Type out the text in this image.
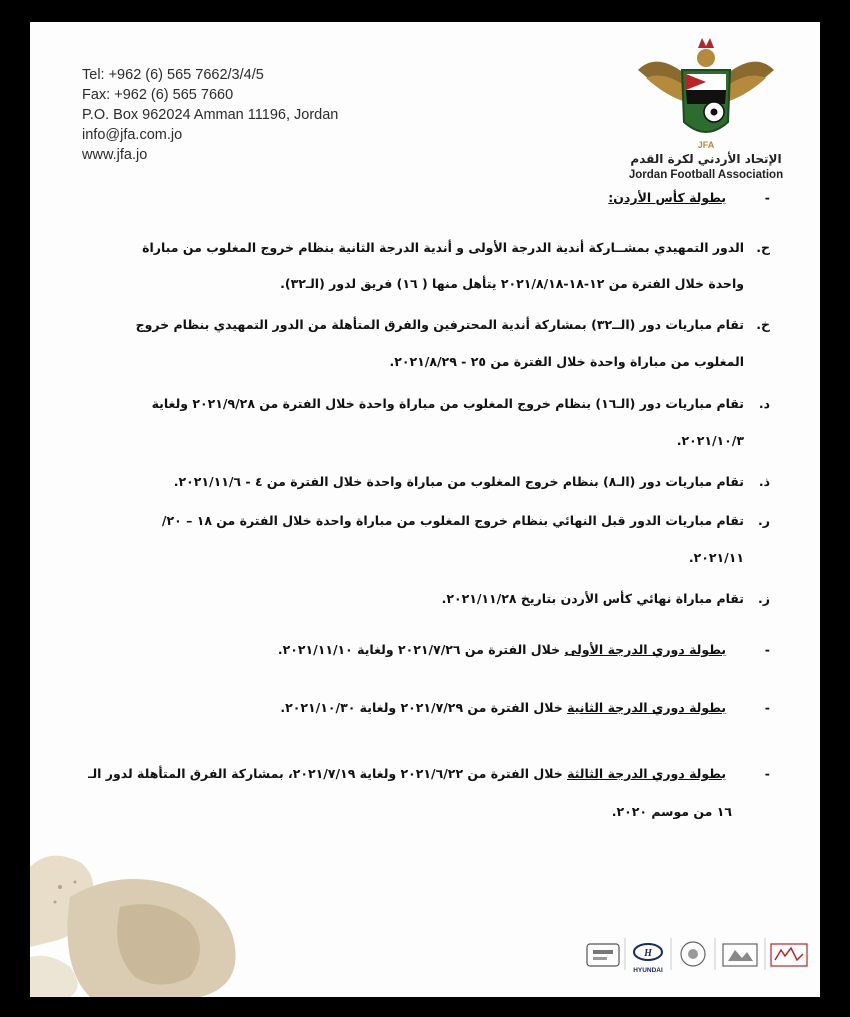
Tel: +962 (6) 565 7662/3/4/5
Fax: +962 (6) 565 7660
P.O. Box 962024 Amman 11196, Jordan
info@jfa.com.jo
www.jfa.jo
JFA
الإتحاد الأردني لكرة القدم
Jordan Football Association
-  بطولة كأس الأردن:
ح.الدور التمهيدي بمشــاركة أندية الدرجة الأولى و أندية الدرجة الثانية بنظام خروج المغلوب من مباراة
واحدة خلال الفترة من ١٢-١٨-٢٠٢١/٨/١٨ يتأهل منها ( ١٦) فريق لدور (الـ٣٢).
خ.تقام مباريات دور (الــ٣٢) بمشاركة أندية المحترفين والفرق المتأهلة من الدور التمهيدي بنظام خروج
المغلوب من مباراة واحدة خلال الفترة من ٢٥ - ٢٠٢١/٨/٢٩.
د.تقام مباريات دور (الـ١٦) بنظام خروج المغلوب من مباراة واحدة خلال الفترة من ٢٠٢١/٩/٢٨ ولغاية
٢٠٢١/١٠/٣.
ذ.تقام مباريات دور (الـ٨) بنظام خروج المغلوب من مباراة واحدة خلال الفترة من ٤ - ٢٠٢١/١١/٦.
ر.تقام مباريات الدور قبل النهائي بنظام خروج المغلوب من مباراة واحدة خلال الفترة من ١٨ – ٢٠/
٢٠٢١/١١.
ز.تقام مباراة نهائي كأس الأردن بتاريخ ٢٠٢١/١١/٢٨.
-  بطولة دوري الدرجة الأولى خلال الفترة من ٢٠٢١/٧/٢٦ ولغاية ٢٠٢١/١١/١٠.
-  بطولة دوري الدرجة الثانية خلال الفترة من ٢٠٢١/٧/٢٩ ولغاية ٢٠٢١/١٠/٣٠.
-  بطولة دوري الدرجة الثالثة خلال الفترة من ٢٠٢١/٦/٢٢ ولغاية ٢٠٢١/٧/١٩، بمشاركة الفرق المتأهلة لدور الـ
١٦ من موسم ٢٠٢٠.
H
HYUNDAI
